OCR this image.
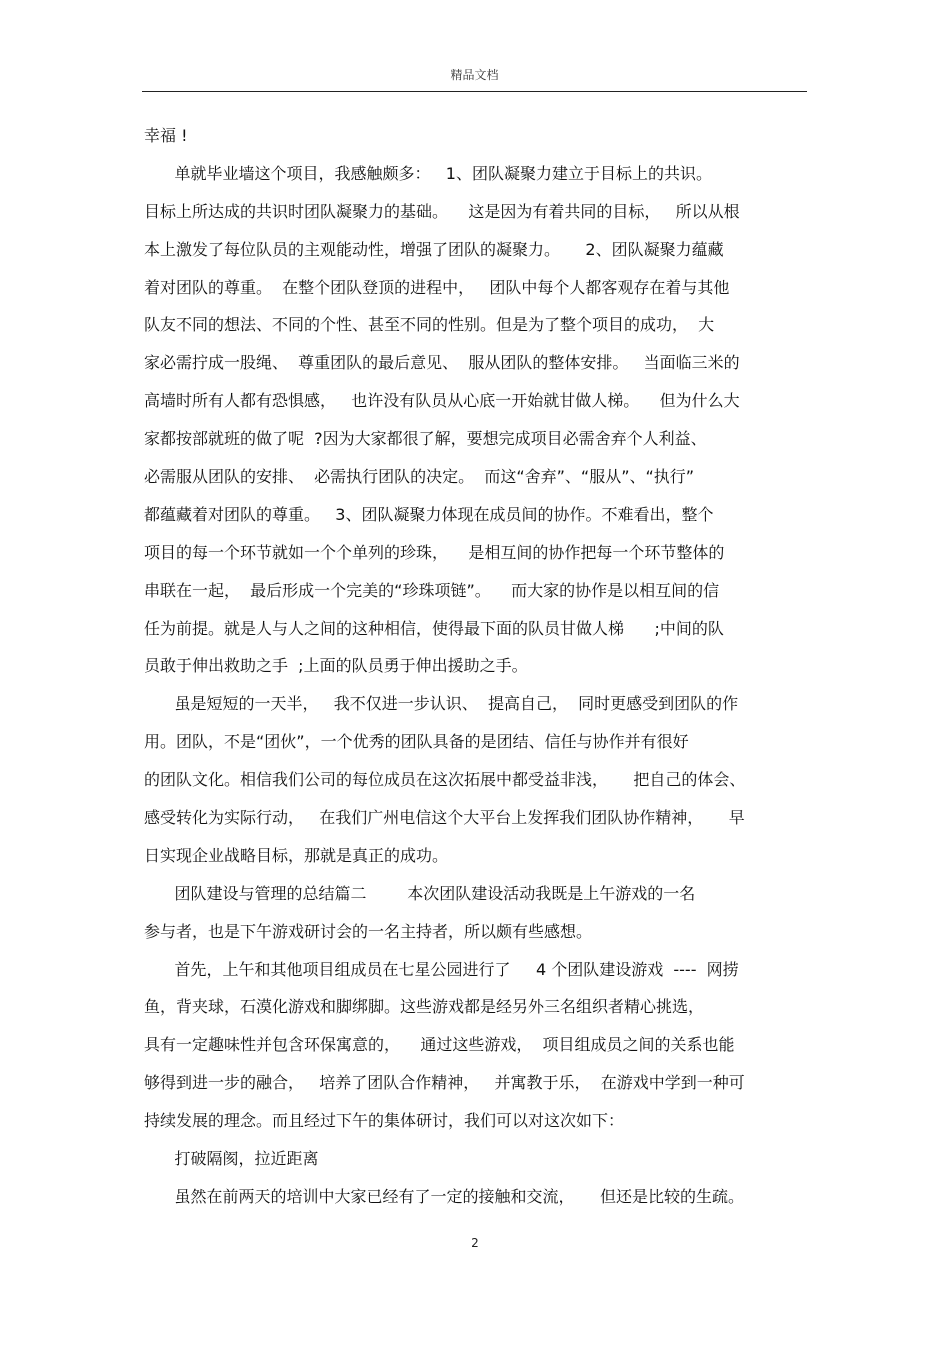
精品文档
幸福 !
单就毕业墙这个项目，我感触颇多：   1、团队凝聚力建立于目标上的共识。
目标上所达成的共识时团队凝聚力的基础。    这是因为有着共同的目标，   所以从根
本上激发了每位队员的主观能动性，增强了团队的凝聚力。     2、团队凝聚力蕴藏
着对团队的尊重。  在整个团队登顶的进程中，   团队中每个人都客观存在着与其他
队友不同的想法、不同的个性、甚至不同的性别。但是为了整个项目的成功，  大
家必需拧成一股绳、  尊重团队的最后意见、  服从团队的整体安排。   当面临三米的
高墙时所有人都有恐惧感，   也许没有队员从心底一开始就甘做人梯。    但为什么大
家都按部就班的做了呢  ?因为大家都很了解，要想完成项目必需舍弃个人利益、
必需服从团队的安排、  必需执行团队的决定。  而这“舍弃”、“服从”、“执行”
都蕴藏着对团队的尊重。   3、团队凝聚力体现在成员间的协作。不难看出，整个
项目的每一个环节就如一个个单列的珍珠，    是相互间的协作把每一个环节整体的
串联在一起，  最后形成一个完美的“珍珠项链”。    而大家的协作是以相互间的信
任为前提。就是人与人之间的这种相信，使得最下面的队员甘做人梯      ;中间的队
员敢于伸出救助之手  ;上面的队员勇于伸出援助之手。
虽是短短的一天半，   我不仅进一步认识、  提高自己，  同时更感受到团队的作
用。团队，不是“团伙”，一个优秀的团队具备的是团结、信任与协作并有很好
的团队文化。相信我们公司的每位成员在这次拓展中都受益非浅，     把自己的体会、
感受转化为实际行动，   在我们广州电信这个大平台上发挥我们团队协作精神，     早
日实现企业战略目标，那就是真正的成功。
团队建设与管理的总结篇二        本次团队建设活动我既是上午游戏的一名
参与者，也是下午游戏研讨会的一名主持者，所以颇有些感想。
首先，上午和其他项目组成员在七星公园进行了     4 个团队建设游戏  ----  网捞
鱼，背夹球，石漠化游戏和脚绑脚。这些游戏都是经另外三名组织者精心挑选，
具有一定趣味性并包含环保寓意的，    通过这些游戏，  项目组成员之间的关系也能
够得到进一步的融合，   培养了团队合作精神，   并寓教于乐，  在游戏中学到一种可
持续发展的理念。而且经过下午的集体研讨，我们可以对这次如下：
打破隔阂，拉近距离
虽然在前两天的培训中大家已经有了一定的接触和交流，     但还是比较的生疏。
2
